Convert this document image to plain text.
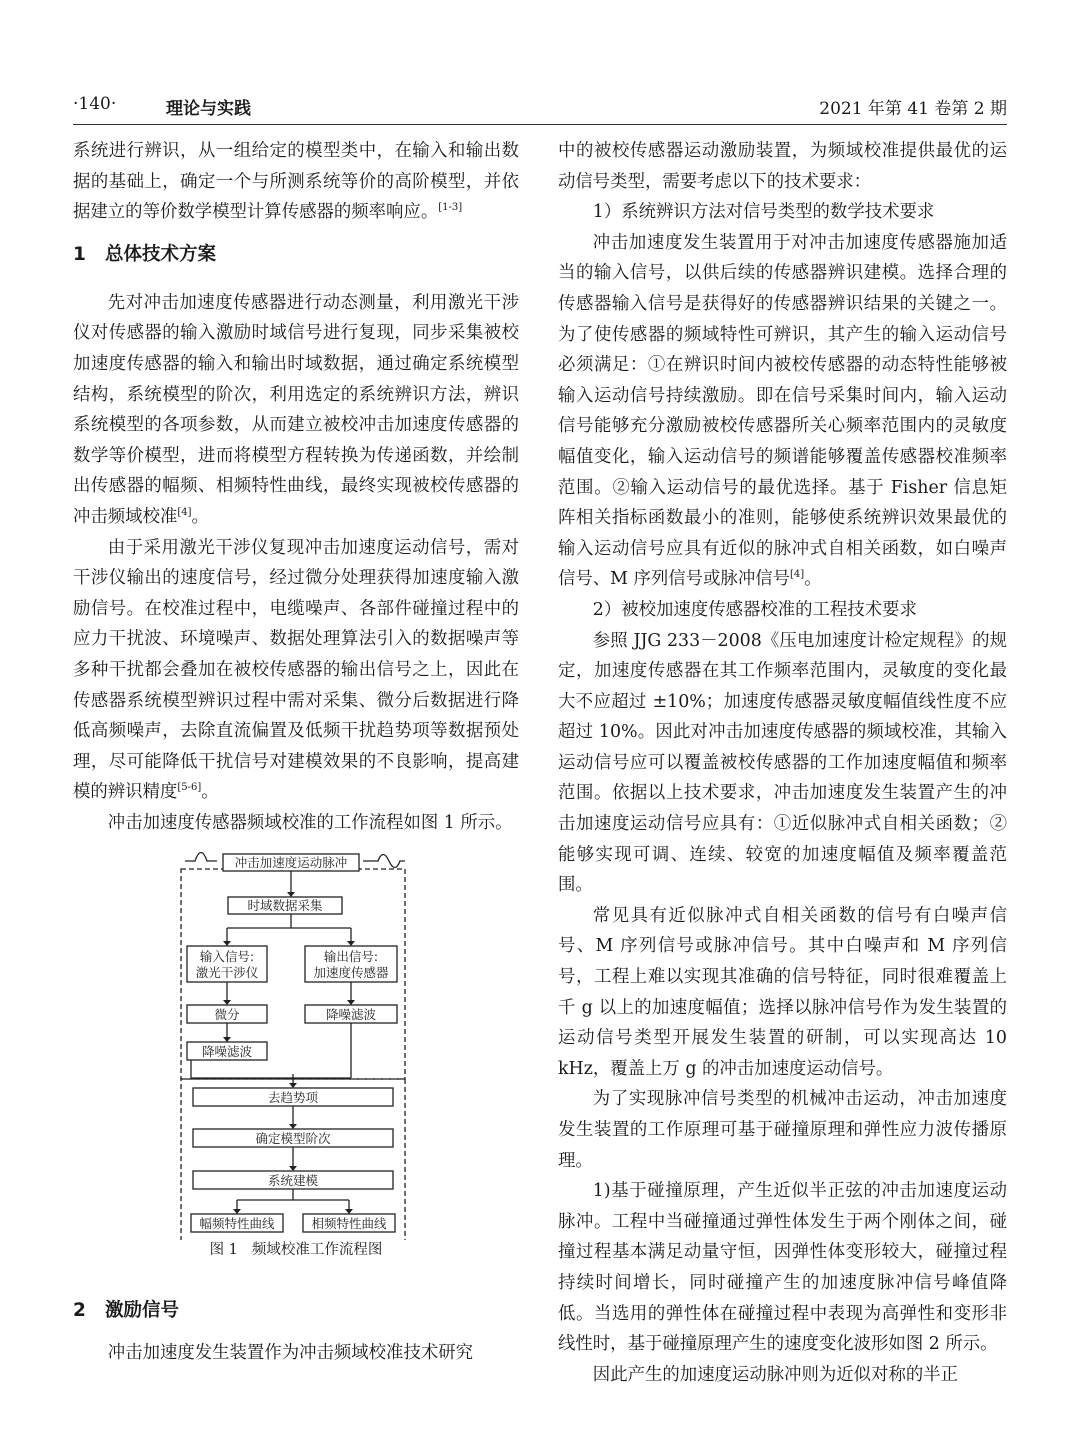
·140·	理论与实践	2021 年第 41 卷第 2 期

系统进行辨识，从一组给定的模型类中，在输入和输出数据的基础上，确定一个与所测系统等价的高阶模型，并依据建立的等价数学模型计算传感器的频率响应。[1-3]

1 总体技术方案

先对冲击加速度传感器进行动态测量，利用激光干涉仪对传感器的输入激励时域信号进行复现，同步采集被校加速度传感器的输入和输出时域数据，通过确定系统模型结构，系统模型的阶次，利用选定的系统辨识方法，辨识系统模型的各项参数，从而建立被校冲击加速度传感器的数学等价模型，进而将模型方程转换为传递函数，并绘制出传感器的幅频、相频特性曲线，最终实现被校传感器的冲击频域校准[4]。

由于采用激光干涉仪复现冲击加速度运动信号，需对干涉仪输出的速度信号，经过微分处理获得加速度输入激励信号。在校准过程中，电缆噪声、各部件碰撞过程中的应力干扰波、环境噪声、数据处理算法引入的数据噪声等多种干扰都会叠加在被校传感器的输出信号之上，因此在传感器系统模型辨识过程中需对采集、微分后数据进行降低高频噪声，去除直流偏置及低频干扰趋势项等数据预处理，尽可能降低干扰信号对建模效果的不良影响，提高建模的辨识精度[5-6]。

冲击加速度传感器频域校准的工作流程如图 1 所示。

冲击加速度运动脉冲
时域数据采集
输入信号:
激光干涉仪
输出信号:
加速度传感器
微分	降噪滤波
降噪滤波
去趋势项
确定模型阶次
系统建模
幅频特性曲线	相频特性曲线

图 1 频域校准工作流程图

2 激励信号

冲击加速度发生装置作为冲击频域校准技术研究

中的被校传感器运动激励装置，为频域校准提供最优的运动信号类型，需要考虑以下的技术要求：

1）系统辨识方法对信号类型的数学技术要求

冲击加速度发生装置用于对冲击加速度传感器施加适当的输入信号，以供后续的传感器辨识建模。选择合理的传感器输入信号是获得好的传感器辨识结果的关键之一。为了使传感器的频域特性可辨识，其产生的输入运动信号必须满足：①在辨识时间内被校传感器的动态特性能够被输入运动信号持续激励。即在信号采集时间内，输入运动信号能够充分激励被校传感器所关心频率范围内的灵敏度幅值变化，输入运动信号的频谱能够覆盖传感器校准频率范围。②输入运动信号的最优选择。基于 Fisher 信息矩阵相关指标函数最小的准则，能够使系统辨识效果最优的输入运动信号应具有近似的脉冲式自相关函数，如白噪声信号、M 序列信号或脉冲信号[4]。

2）被校加速度传感器校准的工程技术要求

参照 JJG 233－2008《压电加速度计检定规程》的规定，加速度传感器在其工作频率范围内，灵敏度的变化最大不应超过 ±10%；加速度传感器灵敏度幅值线性度不应超过 10%。因此对冲击加速度传感器的频域校准，其输入运动信号应可以覆盖被校传感器的工作加速度幅值和频率范围。依据以上技术要求，冲击加速度发生装置产生的冲击加速度运动信号应具有：①近似脉冲式自相关函数；②能够实现可调、连续、较宽的加速度幅值及频率覆盖范围。

常见具有近似脉冲式自相关函数的信号有白噪声信号、M 序列信号或脉冲信号。其中白噪声和 M 序列信号，工程上难以实现其准确的信号特征，同时很难覆盖上千 g 以上的加速度幅值；选择以脉冲信号作为发生装置的运动信号类型开展发生装置的研制，可以实现高达 10 kHz，覆盖上万 g 的冲击加速度运动信号。

为了实现脉冲信号类型的机械冲击运动，冲击加速度发生装置的工作原理可基于碰撞原理和弹性应力波传播原理。

1)基于碰撞原理，产生近似半正弦的冲击加速度运动脉冲。工程中当碰撞通过弹性体发生于两个刚体之间，碰撞过程基本满足动量守恒，因弹性体变形较大，碰撞过程持续时间增长，同时碰撞产生的加速度脉冲信号峰值降低。当选用的弹性体在碰撞过程中表现为高弹性和变形非线性时，基于碰撞原理产生的速度变化波形如图 2 所示。

因此产生的加速度运动脉冲则为近似对称的半正
